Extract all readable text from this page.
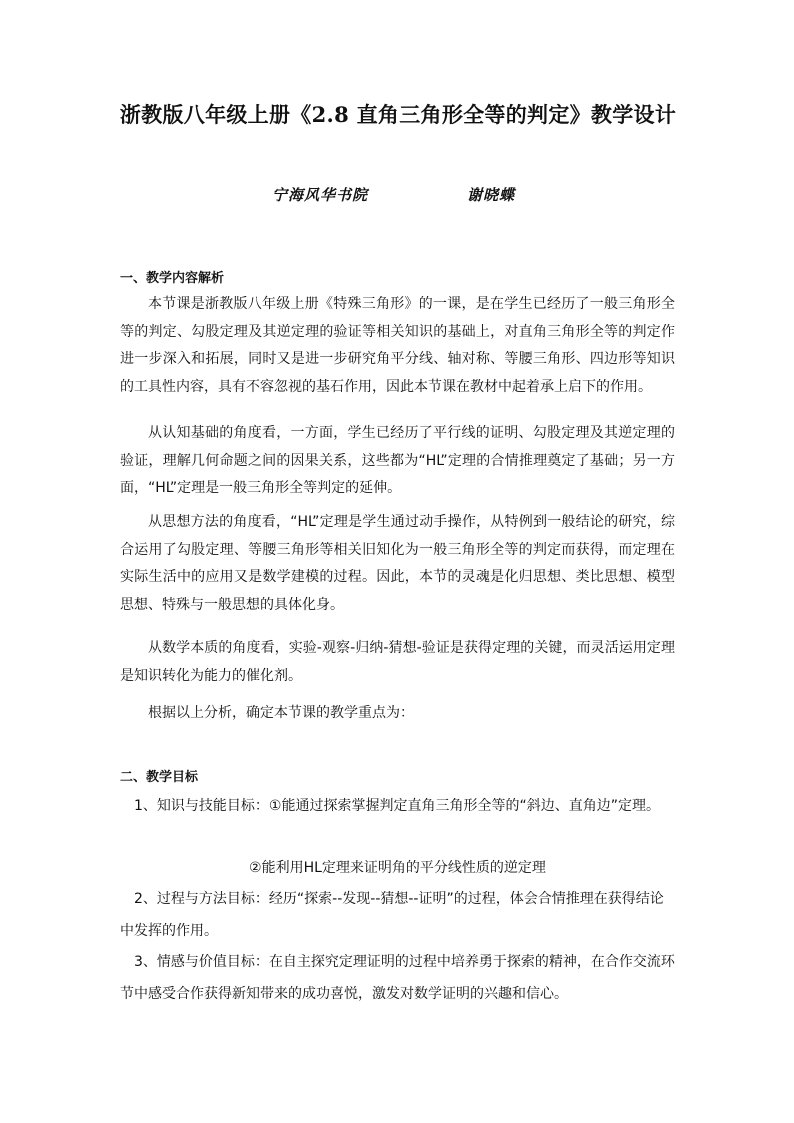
浙教版八年级上册《2.8 直角三角形全等的判定》教学设计
宁海风华书院	谢晓蝶
一、教学内容解析

本节课是浙教版八年级上册《特殊三角形》的一课，是在学生已经历了一般三角形全等的判定、勾股定理及其逆定理的验证等相关知识的基础上，对直角三角形全等的判定作进一步深入和拓展，同时又是进一步研究角平分线、轴对称、等腰三角形、四边形等知识的工具性内容，具有不容忽视的基石作用，因此本节课在教材中起着承上启下的作用。

从认知基础的角度看，一方面，学生已经历了平行线的证明、勾股定理及其逆定理的验证，理解几何命题之间的因果关系，这些都为“HL”定理的合情推理奠定了基础；另一方面，“HL”定理是一般三角形全等判定的延伸。

从思想方法的角度看，“HL”定理是学生通过动手操作，从特例到一般结论的研究，综合运用了勾股定理、等腰三角形等相关旧知化为一般三角形全等的判定而获得，而定理在实际生活中的应用又是数学建模的过程。因此，本节的灵魂是化归思想、类比思想、模型思想、特殊与一般思想的具体化身。

从数学本质的角度看，实验-观察-归纳-猜想-验证是获得定理的关键，而灵活运用定理是知识转化为能力的催化剂。

根据以上分析，确定本节课的教学重点为：

二、教学目标

1、知识与技能目标：①能通过探索掌握判定直角三角形全等的“斜边、直角边”定理。

②能利用HL定理来证明角的平分线性质的逆定理

2、过程与方法目标：经历“探索--发现--猜想--证明”的过程，体会合情推理在获得结论中发挥的作用。

3、情感与价值目标：在自主探究定理证明的过程中培养勇于探索的精神，在合作交流环节中感受合作获得新知带来的成功喜悦，激发对数学证明的兴趣和信心。
